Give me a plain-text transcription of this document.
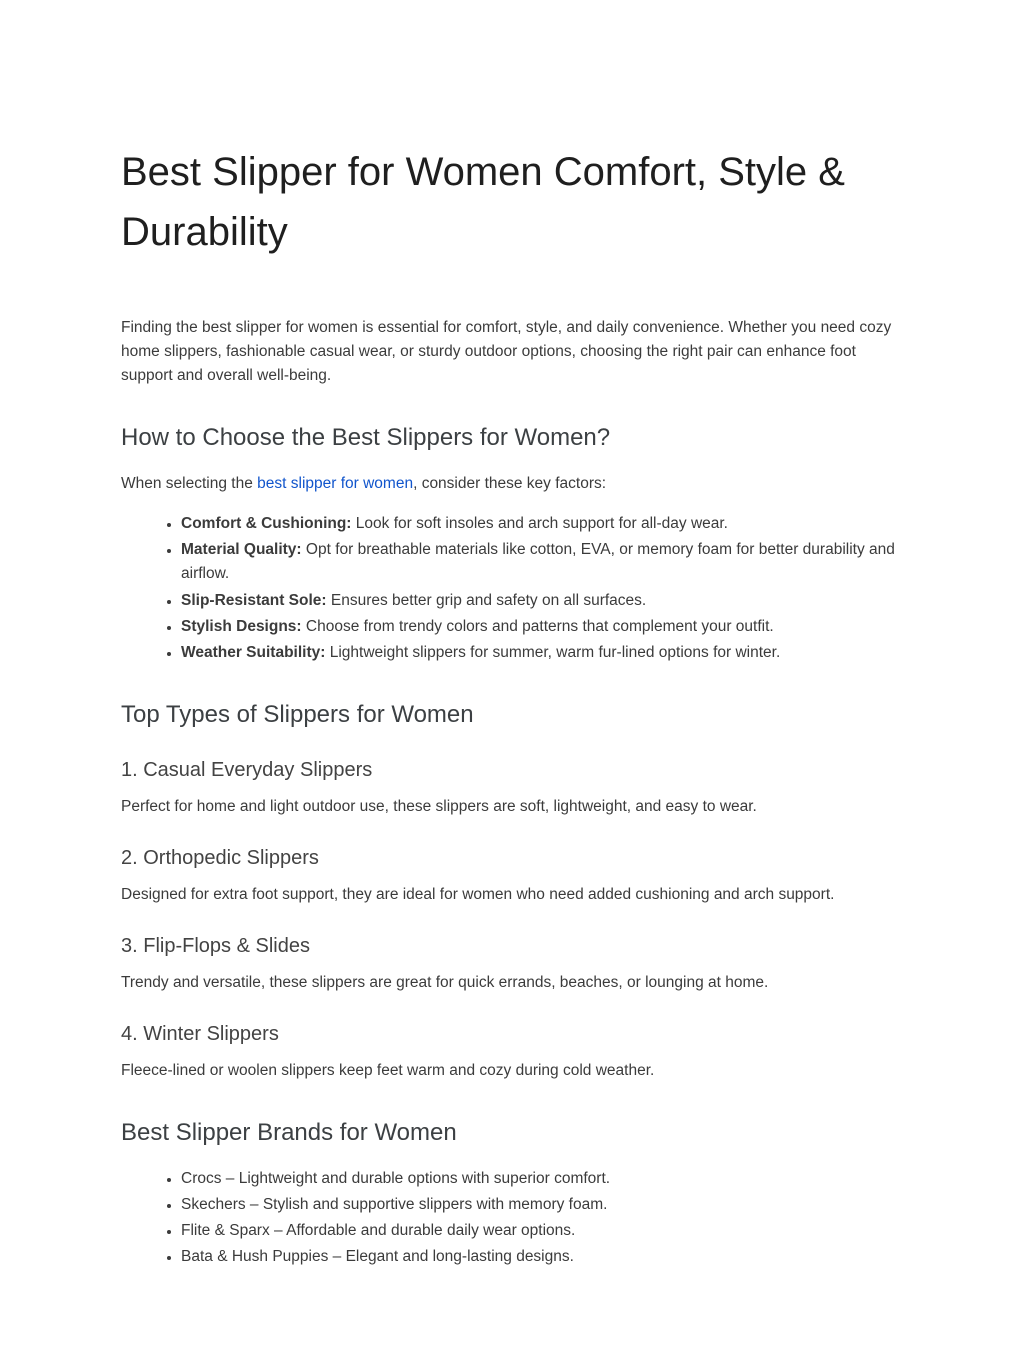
Best Slipper for Women Comfort, Style & Durability

Finding the best slipper for women is essential for comfort, style, and daily convenience. Whether you need cozy home slippers, fashionable casual wear, or sturdy outdoor options, choosing the right pair can enhance foot support and overall well-being.

How to Choose the Best Slippers for Women?

When selecting the best slipper for women, consider these key factors:

• Comfort & Cushioning: Look for soft insoles and arch support for all-day wear.
• Material Quality: Opt for breathable materials like cotton, EVA, or memory foam for better durability and airflow.
• Slip-Resistant Sole: Ensures better grip and safety on all surfaces.
• Stylish Designs: Choose from trendy colors and patterns that complement your outfit.
• Weather Suitability: Lightweight slippers for summer, warm fur-lined options for winter.
Top Types of Slippers for Women
1. Casual Everyday Slippers

Perfect for home and light outdoor use, these slippers are soft, lightweight, and easy to wear.

2. Orthopedic Slippers

Designed for extra foot support, they are ideal for women who need added cushioning and arch support.

3. Flip-Flops & Slides

Trendy and versatile, these slippers are great for quick errands, beaches, or lounging at home.

4. Winter Slippers

Fleece-lined or woolen slippers keep feet warm and cozy during cold weather.

Best Slipper Brands for Women
• Crocs – Lightweight and durable options with superior comfort.
• Skechers – Stylish and supportive slippers with memory foam.
• Flite & Sparx – Affordable and durable daily wear options.
• Bata & Hush Puppies – Elegant and long-lasting designs.
